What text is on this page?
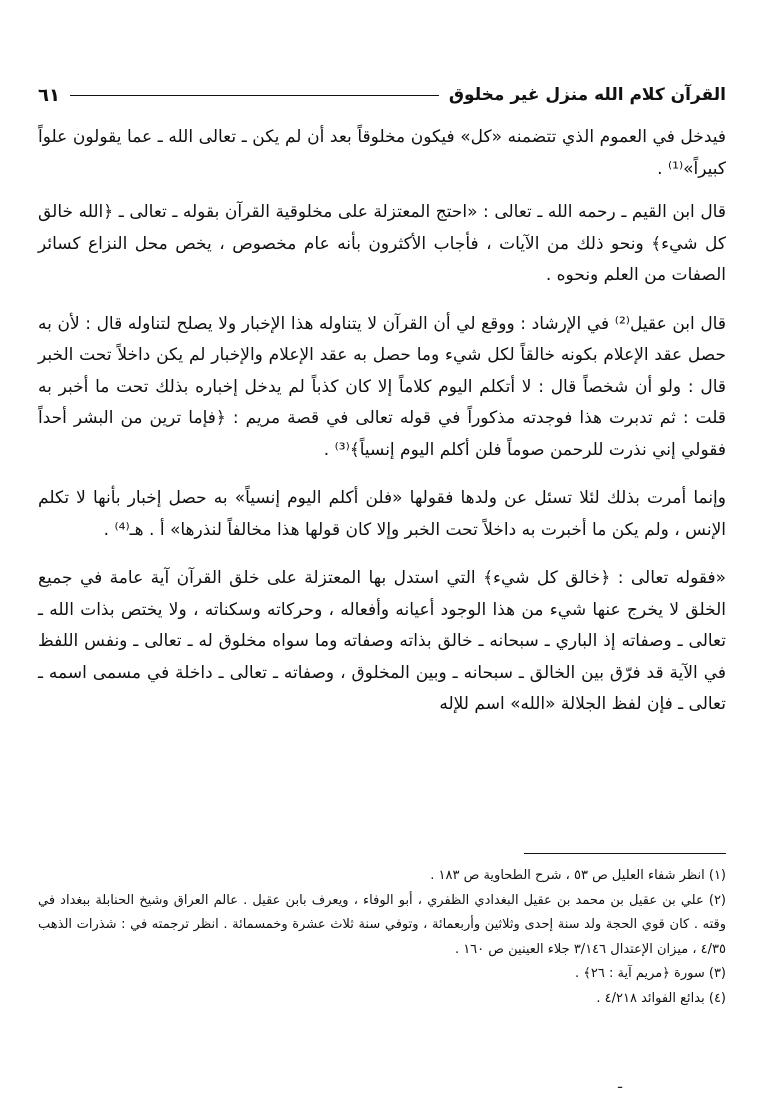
القرآن كلام الله منزل غير مخلوق
٦١

فيدخل في العموم الذي تتضمنه «كل» فيكون مخلوقاً بعد أن لم يكن ـ تعالى الله ـ عما يقولون علواً كبيراً»⁽¹⁾ .

قال ابن القيم ـ رحمه الله ـ تعالى : «احتج المعتزلة على مخلوقية القرآن بقوله ـ تعالى ـ ﴿الله خالق كل شيء﴾ ونحو ذلك من الآيات ، فأجاب الأكثرون بأنه عام مخصوص ، يخص محل النزاع كسائر الصفات من العلم ونحوه .

قال ابن عقيل⁽²⁾ في الإرشاد : ووقع لي أن القرآن لا يتناوله هذا الإخبار ولا يصلح لتناوله قال : لأن به حصل عقد الإعلام بكونه خالقاً لكل شيء وما حصل به عقد الإعلام والإخبار لم يكن داخلاً تحت الخبر قال : ولو أن شخصاً قال : لا أتكلم اليوم كلاماً إلا كان كذباً لم يدخل إخباره بذلك تحت ما أخبر به قلت : ثم تدبرت هذا فوجدته مذكوراً في قوله تعالى في قصة مريم : ﴿فإما ترين من البشر أحداً فقولي إني نذرت للرحمن صوماً فلن أكلم اليوم إنسياً﴾⁽³⁾ .

وإنما أمرت بذلك لئلا تسئل عن ولدها فقولها «فلن أكلم اليوم إنسياً» به حصل إخبار بأنها لا تكلم الإنس ، ولم يكن ما أخبرت به داخلاً تحت الخبر وإلا كان قولها هذا مخالفاً لنذرها» أ . هـ⁽⁴⁾ .

«فقوله تعالى : ﴿خالق كل شيء﴾ التي استدل بها المعتزلة على خلق القرآن آية عامة في جميع الخلق لا يخرج عنها شيء من هذا الوجود أعيانه وأفعاله ، وحركاته وسكناته ، ولا يختص بذات الله ـ تعالى ـ وصفاته إذ الباري ـ سبحانه ـ خالق بذاته وصفاته وما سواه مخلوق له ـ تعالى ـ ونفس اللفظ في الآية قد فرّق بين الخالق ـ سبحانه ـ وبين المخلوق ، وصفاته ـ تعالى ـ داخلة في مسمى اسمه ـ تعالى ـ فإن لفظ الجلالة «الله» اسم للإله

(١) انظر شفاء العليل ص ٥٣ ، شرح الطحاوية ص ١٨٣ .

(٢) علي بن عقيل بن محمد بن عقيل البغدادي الظفري ، أبو الوفاء ، ويعرف بابن عقيل . عالم العراق وشيخ الحنابلة ببغداد في وقته . كان قوي الحجة ولد سنة إحدى وثلاثين وأربعمائة ، وتوفي سنة ثلاث عشرة وخمسمائة . انظر ترجمته في : شذرات الذهب ٤/٣٥ ، ميزان الإعتدال ٣/١٤٦ جلاء العينين ص ١٦٠ .

(٣) سورة ﴿مريم آية : ٢٦﴾ .

(٤) بدائع الفوائد ٤/٢١٨ .

ـ
